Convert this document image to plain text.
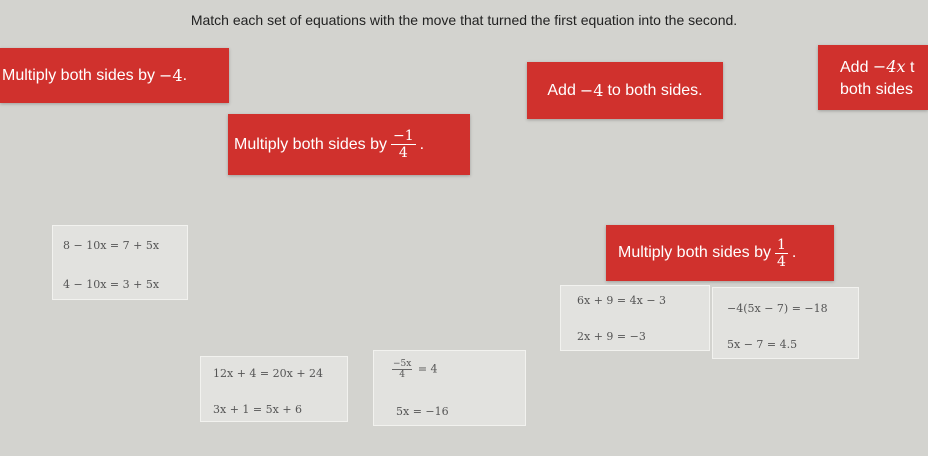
Match each set of equations with the move that turned the first equation into the second.
Multiply both sides by −4 .
Add −4 to both sides.
Add −4x t
both sides
Multiply both sides by $\frac{-1}{4}$ .
Multiply both sides by $\frac{1}{4}$ .
8 − 10x = 7 + 5x
4 − 10x = 3 + 5x
6x + 9 = 4x − 3
2x + 9 = −3
−4(5x − 7) = −18
5x − 7 = 4.5
12x + 4 = 20x + 24
3x + 1 = 5x + 6
$\frac{-5x}{4} = 4$
5x = −16
